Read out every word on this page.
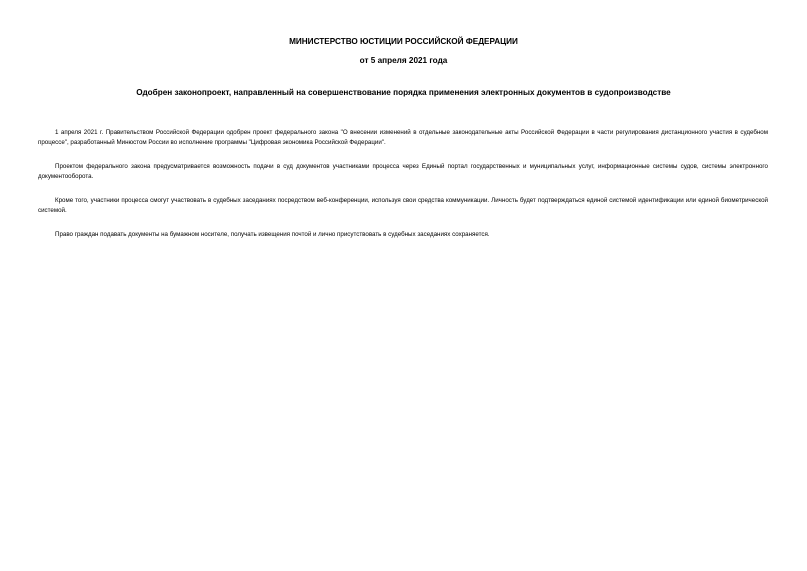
МИНИСТЕРСТВО ЮСТИЦИИ РОССИЙСКОЙ ФЕДЕРАЦИИ
от 5 апреля 2021 года
Одобрен законопроект, направленный на совершенствование порядка применения электронных документов в судопроизводстве

1 апреля 2021 г. Правительством Российской Федерации одобрен проект федерального закона "О внесении изменений в отдельные законодательные акты Российской Федерации в части регулирования дистанционного участия в судебном процессе", разработанный Минюстом России во исполнение программы "Цифровая экономика Российской Федерации".

Проектом федерального закона предусматривается возможность подачи в суд документов участниками процесса через Единый портал государственных и муниципальных услуг, информационные системы судов, системы электронного документооборота.

Кроме того, участники процесса смогут участвовать в судебных заседаниях посредством веб-конференции, используя свои средства коммуникации. Личность будет подтверждаться единой системой идентификации или единой биометрической системой.

Право граждан подавать документы на бумажном носителе, получать извещения почтой и лично присутствовать в судебных заседаниях сохраняется.
